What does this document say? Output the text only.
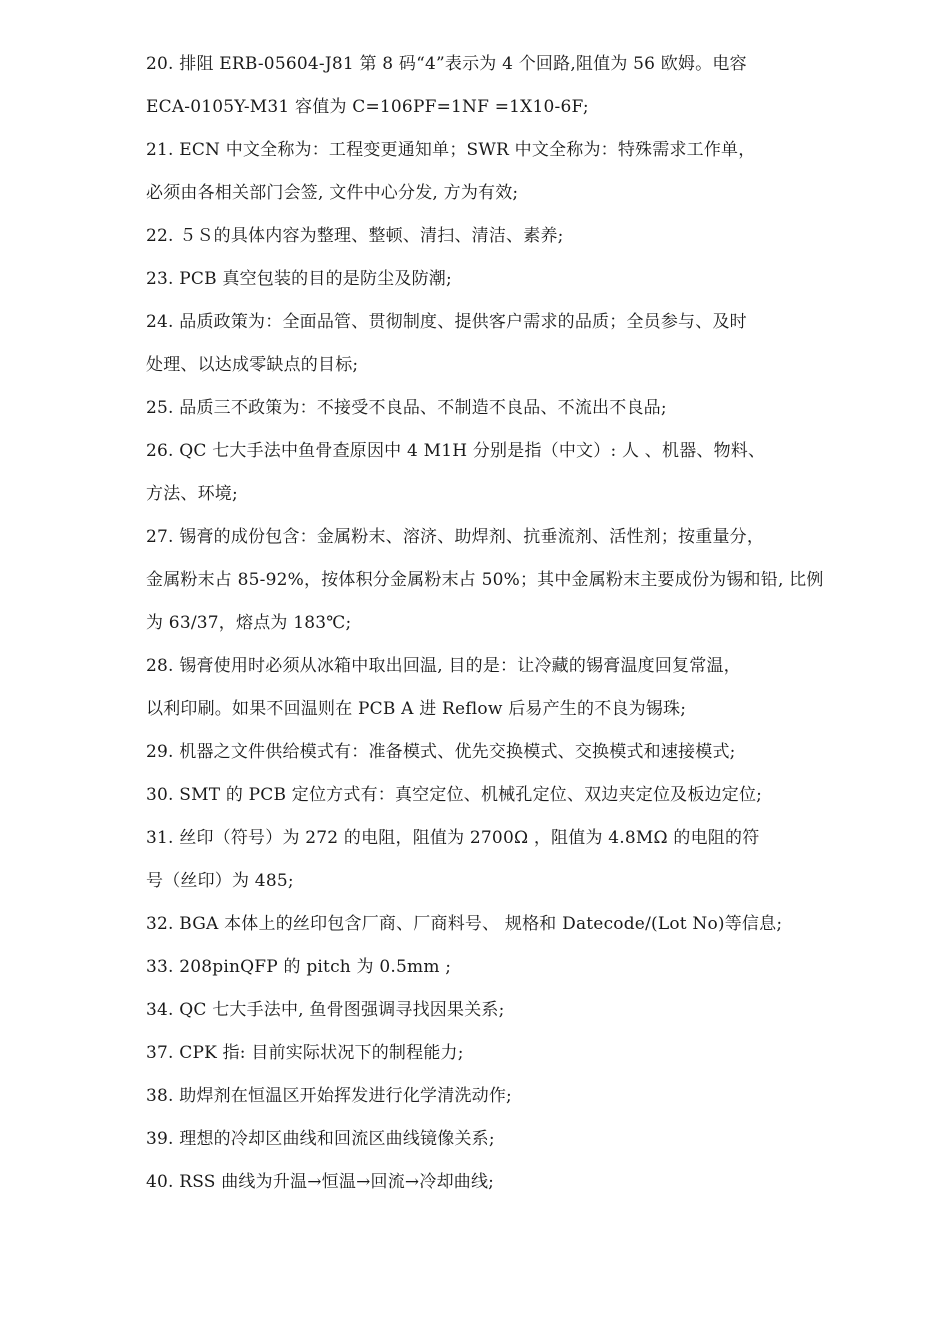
20. 排阻 ERB-05604-J81 第 8 码“4”表示为 4 个回路,阻值为 56 欧姆。电容
ECA-0105Y-M31 容值为 C=106PF=1NF =1X10-6F;
21. ECN 中文全称为：工程变更通知单；SWR 中文全称为：特殊需求工作单，
必须由各相关部门会签, 文件中心分发, 方为有效;
22. ５Ｓ的具体内容为整理、整顿、清扫、清洁、素养;
23. PCB 真空包装的目的是防尘及防潮;
24. 品质政策为：全面品管、贯彻制度、提供客户需求的品质；全员参与、及时
处理、以达成零缺点的目标;
25. 品质三不政策为：不接受不良品、不制造不良品、不流出不良品;
26. QC 七大手法中鱼骨查原因中 4 M1H 分别是指（中文）: 人 、机器、物料、
方法、环境;
27. 锡膏的成份包含：金属粉末、溶济、助焊剂、抗垂流剂、活性剂；按重量分，
金属粉末占 85-92%，按体积分金属粉末占 50%；其中金属粉末主要成份为锡和铅, 比例
为 63/37，熔点为 183℃;
28. 锡膏使用时必须从冰箱中取出回温, 目的是：让冷藏的锡膏温度回复常温，
以利印刷。如果不回温则在 PCB A 进 Reflow 后易产生的不良为锡珠;
29. 机器之文件供给模式有：准备模式、优先交换模式、交换模式和速接模式;
30. SMT 的 PCB 定位方式有：真空定位、机械孔定位、双边夹定位及板边定位;
31. 丝印（符号）为 272 的电阻，阻值为 2700Ω ，阻值为 4.8MΩ 的电阻的符
号（丝印）为 485;
32. BGA 本体上的丝印包含厂商、厂商料号、 规格和 Datecode/(Lot No)等信息;
33. 208pinQFP 的 pitch 为 0.5mm ;
34. QC 七大手法中, 鱼骨图强调寻找因果关系;
37. CPK 指: 目前实际状况下的制程能力;
38. 助焊剂在恒温区开始挥发进行化学清洗动作;
39. 理想的冷却区曲线和回流区曲线镜像关系;
40. RSS 曲线为升温→恒温→回流→冷却曲线;
